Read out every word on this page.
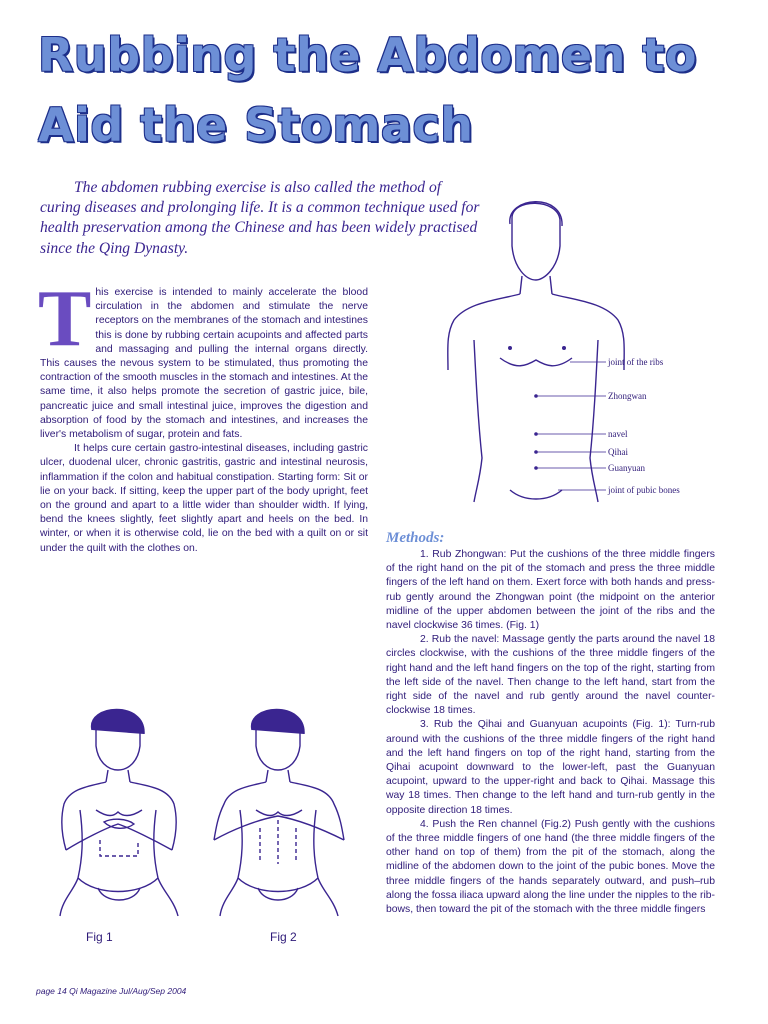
Rubbing the Abdomen to
Aid the Stomach

The abdomen rubbing exercise is also called the method of curing diseases and prolonging life. It is a common technique used for health preservation among the Chinese and has been widely practised since the Qing Dynasty.

T his exercise is intended to mainly accelerate the blood circulation in the abdomen and stimulate the nerve receptors on the membranes of the stomach and intestines this is done by rubbing certain acupoints and affected parts and massaging and pulling the internal organs directly. This causes the nevous system to be stimulated, thus promoting the contraction of the smooth muscles in the stomach and intestines. At the same time, it also helps promote the secretion of gastric juice, bile, pancreatic juice and small intestinal juice, improves the digestion and absorption of food by the stomach and intestines, and increases the liver's metabolism of sugar, protein and fats.
It helps cure certain gastro-intestinal diseases, including gastric ulcer, duodenal ulcer, chronic gastritis, gastric and intestinal neurosis, inflammation if the colon and habitual constipation. Starting form: Sit or lie on your back. If sitting, keep the upper part of the body upright, feet on the ground and apart to a little wider than shoulder width. If lying, bend the knees slightly, feet slightly apart and heels on the bed. In winter, or when it is otherwise cold, lie on the bed with a quilt on or sit under the quilt with the clothes on.
joint of the ribs
Zhongwan
navel
Qihai
Guanyuan
joint of pubic bones
Methods:
1. Rub Zhongwan: Put the cushions of the three middle fingers of the right hand on the pit of the stomach and press the three middle fingers of the left hand on them. Exert force with both hands and press-rub gently around the Zhongwan point (the midpoint on the anterior midline of the upper abdomen between the joint of the ribs and the navel clockwise 36 times. (Fig. 1)
2. Rub the navel: Massage gently the parts around the navel 18 circles clockwise, with the cushions of the three middle fingers of the right hand and the left hand fingers on the top of the right, starting from the left side of the navel. Then change to the left hand, start from the right side of the navel and rub gently around the navel counter-clockwise 18 times.
3. Rub the Qihai and Guanyuan acupoints (Fig. 1): Turn-rub around with the cushions of the three middle fingers of the right hand and the left hand fingers on top of the right hand, starting from the Qihai acupoint downward to the lower-left, past the Guanyuan acupoint, upward to the upper-right and back to Qihai. Massage this way 18 times. Then change to the left hand and turn-rub gently in the opposite direction 18 times.
4. Push the Ren channel (Fig.2) Push gently with the cushions of the three middle fingers of one hand (the three middle fingers of the other hand on top of them) from the pit of the stomach, along the midline of the abdomen down to the joint of the pubic bones. Move the three middle fingers of the hands separately outward, and push–rub along the fossa iliaca upward along the line under the nipples to the rib-bows, then toward the pit of the stomach with the three middle fingers
Fig 1	Fig 2
page 14 Qi Magazine Jul/Aug/Sep 2004
